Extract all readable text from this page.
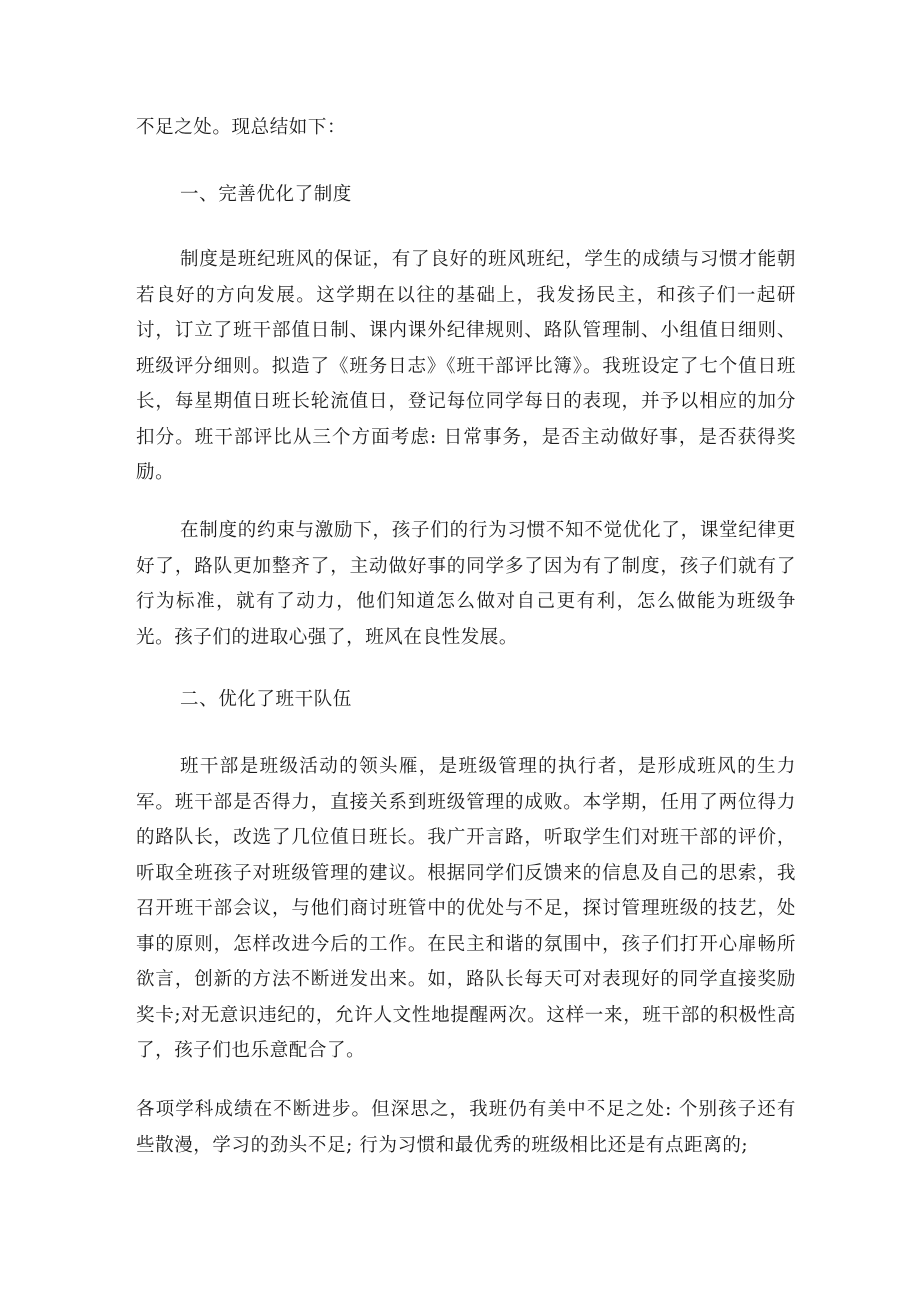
不足之处。现总结如下：
一、完善优化了制度

制度是班纪班风的保证，有了良好的班风班纪，学生的成绩与习惯才能朝若良好的方向发展。这学期在以往的基础上，我发扬民主，和孩子们一起研讨，订立了班干部值日制、课内课外纪律规则、路队管理制、小组值日细则、班级评分细则。拟造了《班务日志》《班干部评比簿》。我班设定了七个值日班长，每星期值日班长轮流值日，登记每位同学每日的表现，并予以相应的加分扣分。班干部评比从三个方面考虑: 日常事务，是否主动做好事，是否获得奖励。

在制度的约束与激励下，孩子们的行为习惯不知不觉优化了，课堂纪律更好了，路队更加整齐了，主动做好事的同学多了因为有了制度，孩子们就有了行为标准，就有了动力，他们知道怎么做对自己更有利，怎么做能为班级争光。孩子们的进取心强了，班风在良性发展。

二、优化了班干队伍

班干部是班级活动的领头雁，是班级管理的执行者，是形成班风的生力军。班干部是否得力，直接关系到班级管理的成败。本学期，任用了两位得力的路队长，改选了几位值日班长。我广开言路，听取学生们对班干部的评价，听取全班孩子对班级管理的建议。根据同学们反馈来的信息及自己的思索，我召开班干部会议，与他们商讨班管中的优处与不足，探讨管理班级的技艺，处事的原则，怎样改进今后的工作。在民主和谐的氛围中，孩子们打开心扉畅所欲言，创新的方法不断迸发出来。如，路队长每天可对表现好的同学直接奖励奖卡;对无意识违纪的，允许人文性地提醒两次。这样一来，班干部的积极性高了，孩子们也乐意配合了。

各项学科成绩在不断进步。但深思之，我班仍有美中不足之处: 个别孩子还有些散漫，学习的劲头不足; 行为习惯和最优秀的班级相比还是有点距离的;
